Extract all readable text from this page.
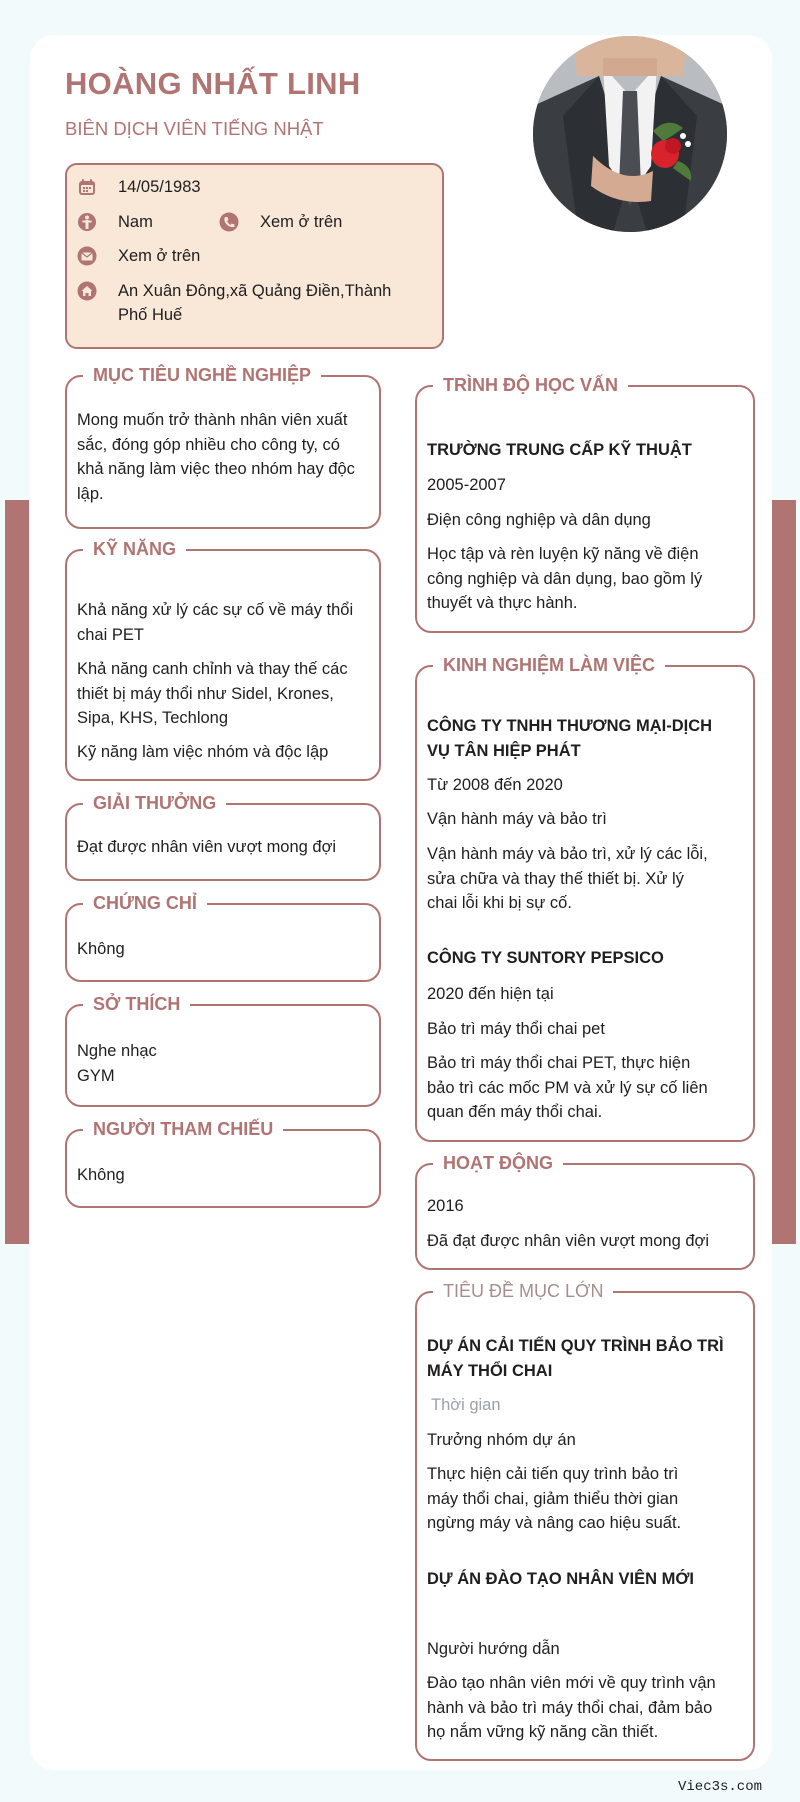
HOÀNG NHẤT LINH
BIÊN DỊCH VIÊN TIẾNG NHẬT
14/05/1983
Nam	Xem ở trên
Xem ở trên
An Xuân Đông,xã Quảng Điền,Thành
Phố Huế
MỤC TIÊU NGHỀ NGHIỆP
Mong muốn trở thành nhân viên xuất
sắc, đóng góp nhiều cho công ty, có
khả năng làm việc theo nhóm hay độc
lập.
KỸ NĂNG
Khả năng xử lý các sự cố về máy thổi
chai PET
Khả năng canh chỉnh và thay thế các
thiết bị máy thổi như Sidel, Krones,
Sipa, KHS, Techlong
Kỹ năng làm việc nhóm và độc lập
GIẢI THƯỞNG
Đạt được nhân viên vượt mong đợi
CHỨNG CHỈ
Không
SỞ THÍCH
Nghe nhạc
GYM
NGƯỜI THAM CHIẾU
Không
TRÌNH ĐỘ HỌC VẤN
TRƯỜNG TRUNG CẤP KỸ THUẬT
2005-2007
Điện công nghiệp và dân dụng
Học tập và rèn luyện kỹ năng về điện
công nghiệp và dân dụng, bao gồm lý
thuyết và thực hành.
KINH NGHIỆM LÀM VIỆC
CÔNG TY TNHH THƯƠNG MẠI-DỊCH
VỤ TÂN HIỆP PHÁT
Từ 2008 đến 2020
Vận hành máy và bảo trì
Vận hành máy và bảo trì, xử lý các lỗi,
sửa chữa và thay thế thiết bị. Xử lý
chai lỗi khi bị sự cố.
CÔNG TY SUNTORY PEPSICO
2020 đến hiện tại
Bảo trì máy thổi chai pet
Bảo trì máy thổi chai PET, thực hiện
bảo trì các mốc PM và xử lý sự cố liên
quan đến máy thổi chai.
HOẠT ĐỘNG
2016
Đã đạt được nhân viên vượt mong đợi
TIÊU ĐỀ MỤC LỚN
DỰ ÁN CẢI TIẾN QUY TRÌNH BẢO TRÌ
MÁY THỔI CHAI
Thời gian
Trưởng nhóm dự án
Thực hiện cải tiến quy trình bảo trì
máy thổi chai, giảm thiểu thời gian
ngừng máy và nâng cao hiệu suất.
DỰ ÁN ĐÀO TẠO NHÂN VIÊN MỚI
Người hướng dẫn
Đào tạo nhân viên mới về quy trình vận
hành và bảo trì máy thổi chai, đảm bảo
họ nắm vững kỹ năng cần thiết.
Viec3s.com
